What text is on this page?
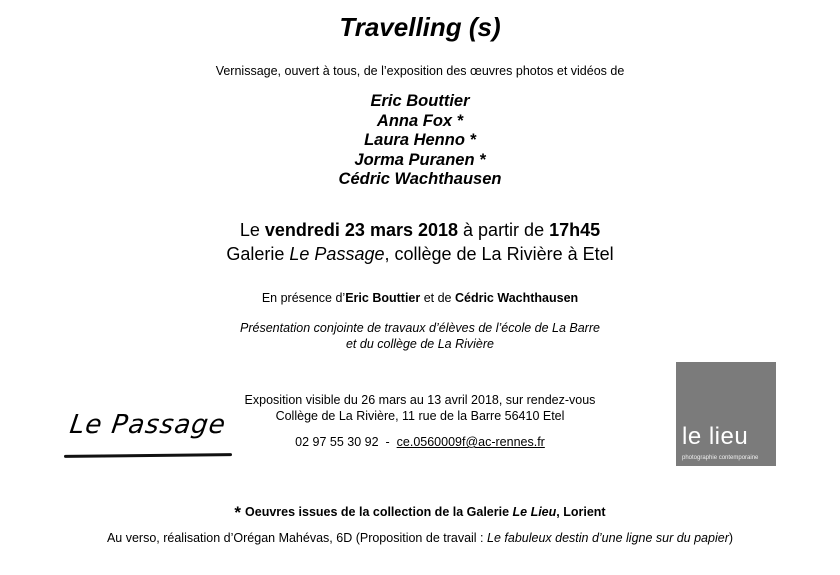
Travelling (s)
Vernissage, ouvert à tous, de l’exposition des œuvres photos et vidéos de
Eric Bouttier
Anna Fox *
Laura Henno *
Jorma Puranen *
Cédric Wachthausen
Le vendredi 23 mars 2018 à partir de 17h45
Galerie Le Passage, collège de La Rivière à Etel
En présence d’Eric Bouttier et de Cédric Wachthausen
Présentation conjointe de travaux d’élèves de l’école de La Barre
et du collège de La Rivière
Exposition visible du 26 mars au 13 avril 2018, sur rendez-vous
Collège de La Rivière, 11 rue de la Barre 56410 Etel
02 97 55 30 92 - ce.0560009f@ac-rennes.fr
Le Passage	le lieu
photographie contemporaine
* Oeuvres issues de la collection de la Galerie Le Lieu, Lorient
Au verso, réalisation d’Orégan Mahévas, 6D (Proposition de travail : Le fabuleux destin d’une ligne sur du papier)
